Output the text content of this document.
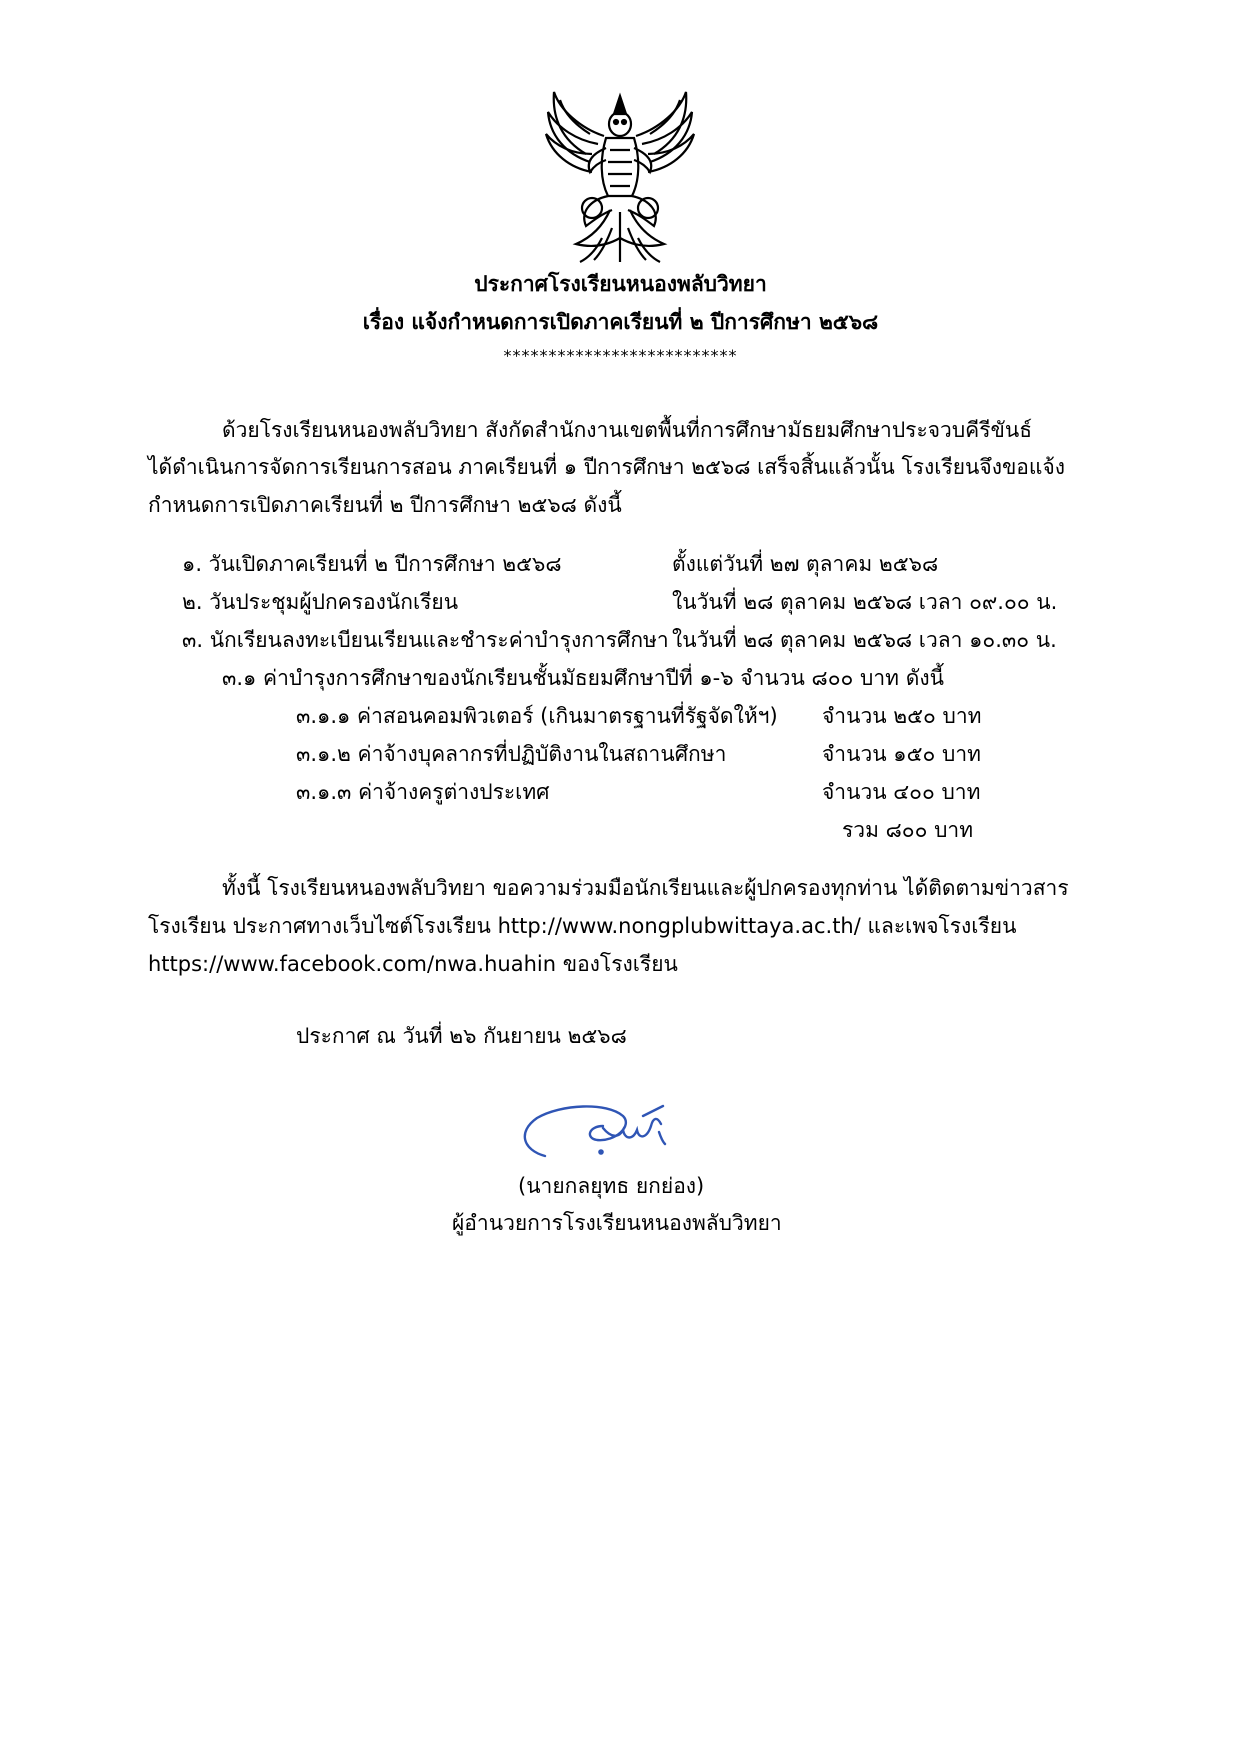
ประกาศโรงเรียนหนองพลับวิทยา
เรื่อง แจ้งกำหนดการเปิดภาคเรียนที่ ๒ ปีการศึกษา ๒๕๖๘
**************************
ด้วยโรงเรียนหนองพลับวิทยา สังกัดสำนักงานเขตพื้นที่การศึกษามัธยมศึกษาประจวบคีรีขันธ์
ได้ดำเนินการจัดการเรียนการสอน ภาคเรียนที่ ๑ ปีการศึกษา ๒๕๖๘ เสร็จสิ้นแล้วนั้น โรงเรียนจึงขอแจ้ง
กำหนดการเปิดภาคเรียนที่ ๒ ปีการศึกษา ๒๕๖๘ ดังนี้
๑. วันเปิดภาคเรียนที่ ๒ ปีการศึกษา ๒๕๖๘	ตั้งแต่วันที่ ๒๗ ตุลาคม ๒๕๖๘
๒. วันประชุมผู้ปกครองนักเรียน	ในวันที่ ๒๘ ตุลาคม ๒๕๖๘ เวลา ๐๙.๐๐ น.
๓. นักเรียนลงทะเบียนเรียนและชำระค่าบำรุงการศึกษา ในวันที่ ๒๘ ตุลาคม ๒๕๖๘ เวลา ๑๐.๓๐ น.
๓.๑ ค่าบำรุงการศึกษาของนักเรียนชั้นมัธยมศึกษาปีที่ ๑-๖ จำนวน ๘๐๐ บาท ดังนี้
๓.๑.๑ ค่าสอนคอมพิวเตอร์ (เกินมาตรฐานที่รัฐจัดให้ฯ) จำนวน ๒๕๐ บาท
๓.๑.๒ ค่าจ้างบุคลากรที่ปฏิบัติงานในสถานศึกษา	จำนวน ๑๕๐ บาท
๓.๑.๓ ค่าจ้างครูต่างประเทศ	จำนวน ๔๐๐ บาท
รวม ๘๐๐ บาท
ทั้งนี้ โรงเรียนหนองพลับวิทยา ขอความร่วมมือนักเรียนและผู้ปกครองทุกท่าน ได้ติดตามข่าวสาร
โรงเรียน ประกาศทางเว็บไซต์โรงเรียน http://www.nongplubwittaya.ac.th/ และเพจโรงเรียน
https://www.facebook.com/nwa.huahin ของโรงเรียน
ประกาศ ณ วันที่ ๒๖ กันยายน ๒๕๖๘
(นายกลยุทธ ยกย่อง)
ผู้อำนวยการโรงเรียนหนองพลับวิทยา
